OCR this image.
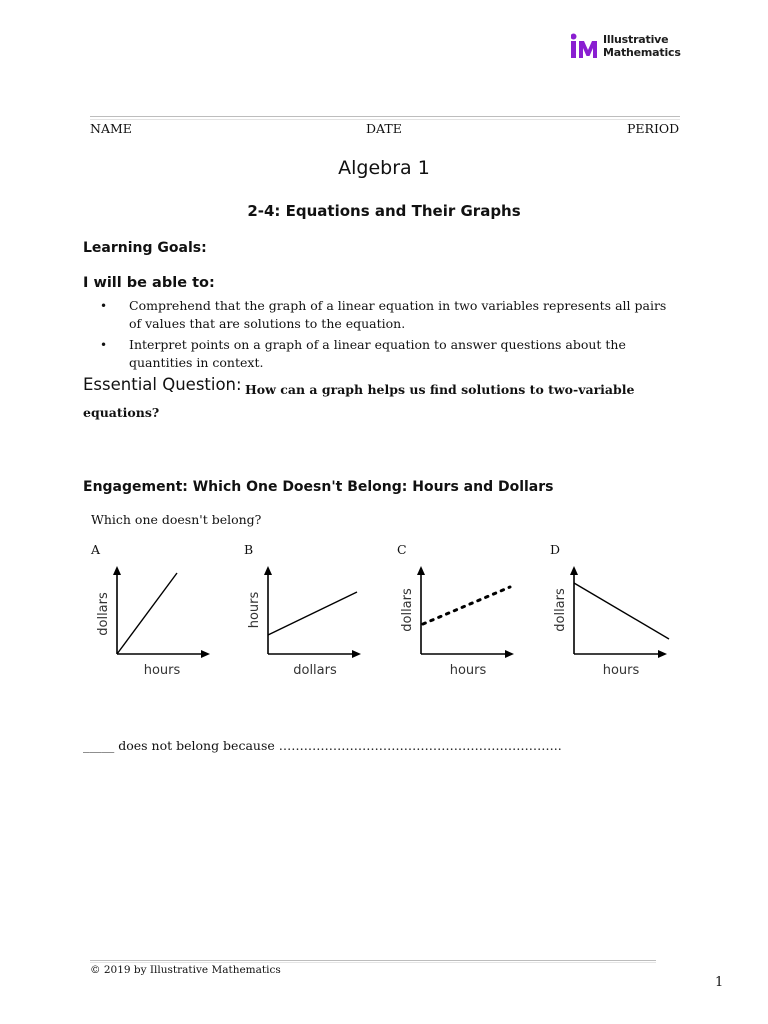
Illustrative
Mathematics
NAME	DATE	PERIOD
Algebra 1
2-4: Equations and Their Graphs
Learning Goals:
I will be able to:
• Comprehend that the graph of a linear equation in two variables represents all pairs
of values that are solutions to the equation.
• Interpret points on a graph of a linear equation to answer questions about the
quantities in context.
Essential Question: How can a graph helps us find solutions to two-variable
equations?
Engagement: Which One Doesn't Belong: Hours and Dollars
Which one doesn't belong?
A	B	C	D
hours
dollars
dollars
hours
hours
dollars
hours
dollars
_____ does not belong because …………………………………………………………..
© 2019 by Illustrative Mathematics
1
